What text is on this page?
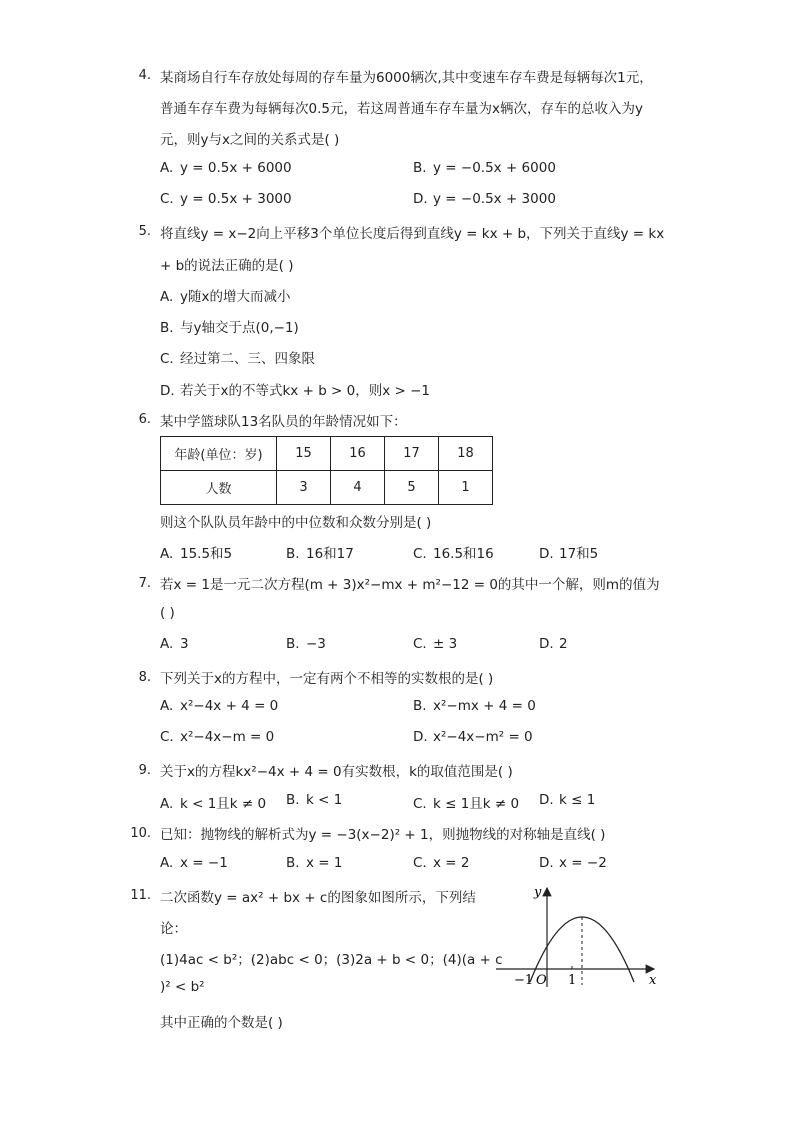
4. 某商场自行车存放处每周的存车量为6000辆次,其中变速车存车费是每辆每次1元，
普通车存车费为每辆每次0.5元，若这周普通车存车量为x辆次，存车的总收入为y
元，则y与x之间的关系式是( )
A. y = 0.5x + 6000	B. y = −0.5x + 6000
C. y = 0.5x + 3000	D. y = −0.5x + 3000
5. 将直线y = x−2向上平移3个单位长度后得到直线y = kx + b，下列关于直线y = kx
+ b的说法正确的是( )
A. y随x的增大而减小
B. 与y轴交于点(0,−1)
C. 经过第二、三、四象限
D. 若关于x的不等式kx + b > 0，则x > −1
6. 某中学篮球队13名队员的年龄情况如下：
年龄(单位：岁)	15	16	17	18
人数	3	4	5	1
则这个队队员年龄中的中位数和众数分别是( )
A. 15.5和5	B. 16和17	C. 16.5和16	D. 17和5
7. 若x = 1是一元二次方程(m + 3)x²−mx + m²−12 = 0的其中一个解，则m的值为
( )
A. 3	B. −3	C. ± 3	D. 2
8. 下列关于x的方程中，一定有两个不相等的实数根的是( )
A. x²−4x + 4 = 0	B. x²−mx + 4 = 0
C. x²−4x−m = 0	D. x²−4x−m² = 0
9. 关于x的方程kx²−4x + 4 = 0有实数根，k的取值范围是( )
A. k < 1且k ≠ 0 B. k < 1	C. k ≤ 1且k ≠ 0 D. k ≤ 1
10. 已知：抛物线的解析式为y = −3(x−2)² + 1，则抛物线的对称轴是直线( )
A. x = −1	B. x = 1	C. x = 2	D. x = −2
11. 二次函数y = ax² + bx + c的图象如图所示，下列结
论：
(1)4ac < b²；(2)abc < 0；(3)2a + b < 0；(4)(a + c
)² < b²
其中正确的个数是( )
y
x
−1 O 1
